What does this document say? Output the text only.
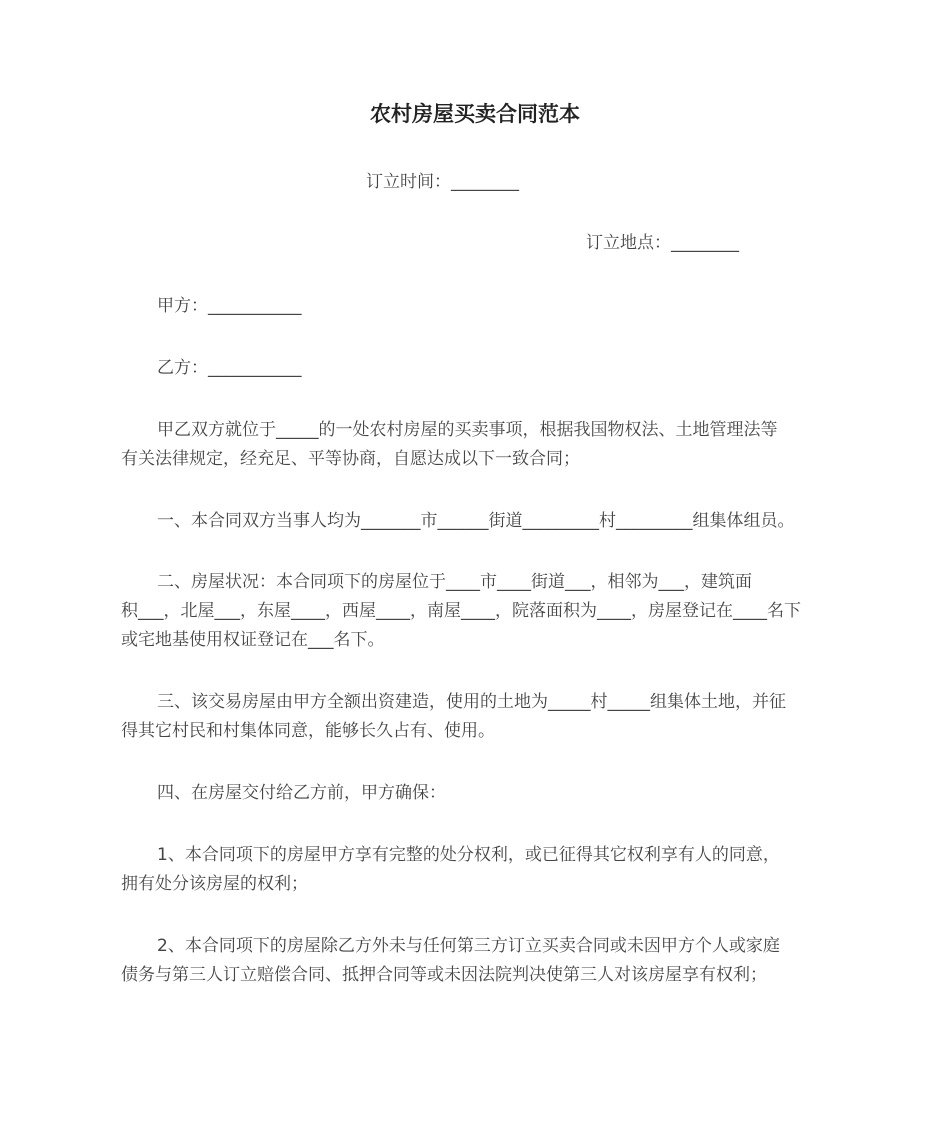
农村房屋买卖合同范本

订立时间：________

订立地点：________

甲方：___________

乙方：___________

甲乙双方就位于_____的一处农村房屋的买卖事项，根据我国物权法、土地管理法等

有关法律规定，经充足、平等协商，自愿达成以下一致合同；

一、本合同双方当事人均为_______市______街道_________村_________组集体组员。

二、房屋状况：本合同项下的房屋位于____市____街道___，相邻为___，建筑面

积___，北屋___，东屋____，西屋____，南屋____，院落面积为____，房屋登记在____名下

或宅地基使用权证登记在___名下。

三、该交易房屋由甲方全额出资建造，使用的土地为_____村_____组集体土地，并征

得其它村民和村集体同意，能够长久占有、使用。

四、在房屋交付给乙方前，甲方确保：

1、本合同项下的房屋甲方享有完整的处分权利，或已征得其它权利享有人的同意，

拥有处分该房屋的权利；

2、本合同项下的房屋除乙方外未与任何第三方订立买卖合同或未因甲方个人或家庭

债务与第三人订立赔偿合同、抵押合同等或未因法院判决使第三人对该房屋享有权利；
